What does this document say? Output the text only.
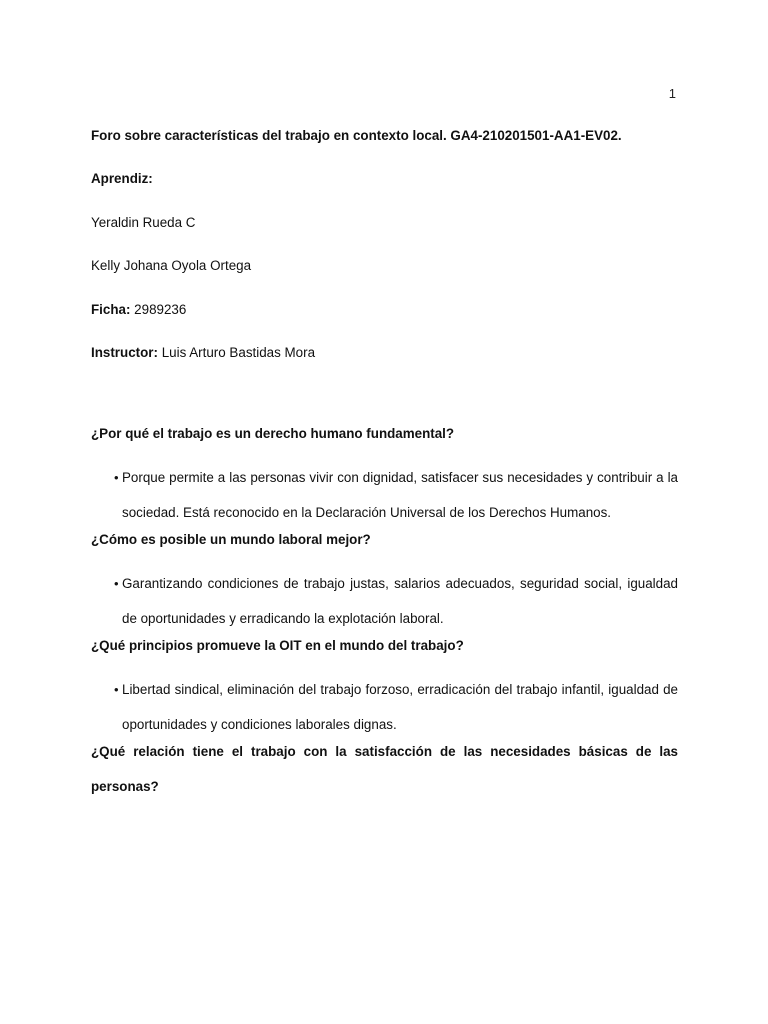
1

Foro sobre características del trabajo en contexto local. GA4-210201501-AA1-EV02.

Aprendiz:

Yeraldin Rueda C

Kelly Johana Oyola Ortega

Ficha: 2989236

Instructor: Luis Arturo Bastidas Mora

¿Por qué el trabajo es un derecho humano fundamental?

• Porque permite a las personas vivir con dignidad, satisfacer sus necesidades y contribuir a la sociedad. Está reconocido en la Declaración Universal de los Derechos Humanos.

¿Cómo es posible un mundo laboral mejor?

• Garantizando condiciones de trabajo justas, salarios adecuados, seguridad social, igualdad de oportunidades y erradicando la explotación laboral.

¿Qué principios promueve la OIT en el mundo del trabajo?

• Libertad sindical, eliminación del trabajo forzoso, erradicación del trabajo infantil, igualdad de oportunidades y condiciones laborales dignas.

¿Qué relación tiene el trabajo con la satisfacción de las necesidades básicas de las personas?
